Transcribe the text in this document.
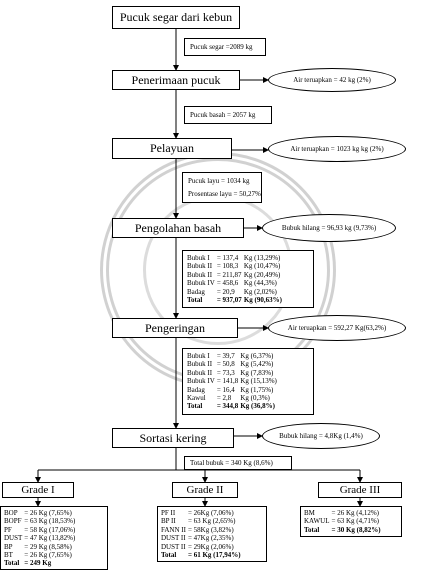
Pucuk segar dari kebun
Penerimaan pucuk
Pelayuan
Pengolahan basah
Pengeringan
Sortasi kering
Pucuk segar =2089 kg
Pucuk basah = 2057 kg
Pucuk layu = 1034 kg
Prosentase layu = 50,27%
Total bubuk = 340 Kg (8,6%)
Air teruapkan = 42 kg (2%)
Air teruapkan = 1023 kg kg (2%)
Bubuk hilang = 96,93 kg (9,73%)
Air teruapkan = 592,27 Kg(63,2%)
Bubuk hilang = 4,8Kg (1,4%)
Bubuk I	= 137,4	Kg (13,29%)
Bubuk II	= 108,3	Kg (10,47%)
Bubuk II	= 211,87	Kg (20,49%)
Bubuk IV	= 458,6	Kg (44,3%)
Badag	= 20,9	Kg (2,02%)
Total	= 937,07	Kg (90,63%)
Bubuk I	= 39,7	Kg (6,37%)
Bubuk II	= 50,8	Kg (5,42%)
Bubuk II	= 73,3	Kg (7,83%)
Bubuk IV	= 141,8	Kg (15,13%)
Badag	= 16,4	Kg (1,75%)
Kawul	= 2,8	Kg (0,3%)
Total	= 344,8	Kg (36,8%)
Grade I	Grade II	Grade III
BOP	= 26 Kg (7,65%)
BOPF	= 63 Kg (18,53%)
PF	= 58 Kg (17,06%)
DUST	= 47 Kg (13,82%)
BP	= 29 Kg (8,58%)
BT	= 26 Kg (7,65%)
Total	= 249 Kg
PF II	= 26Kg (7,06%)
BP II	= 63 Kg (2,65%)
FANN II	= 58Kg (3,82%)
DUST II	= 47Kg (2,35%)
DUST II	= 29Kg (2,06%)
Total	= 61 Kg (17,94%)
BM	= 26 Kg (4,12%)
KAWUL	= 63 Kg (4,71%)
Total	= 30 Kg (8,82%)
